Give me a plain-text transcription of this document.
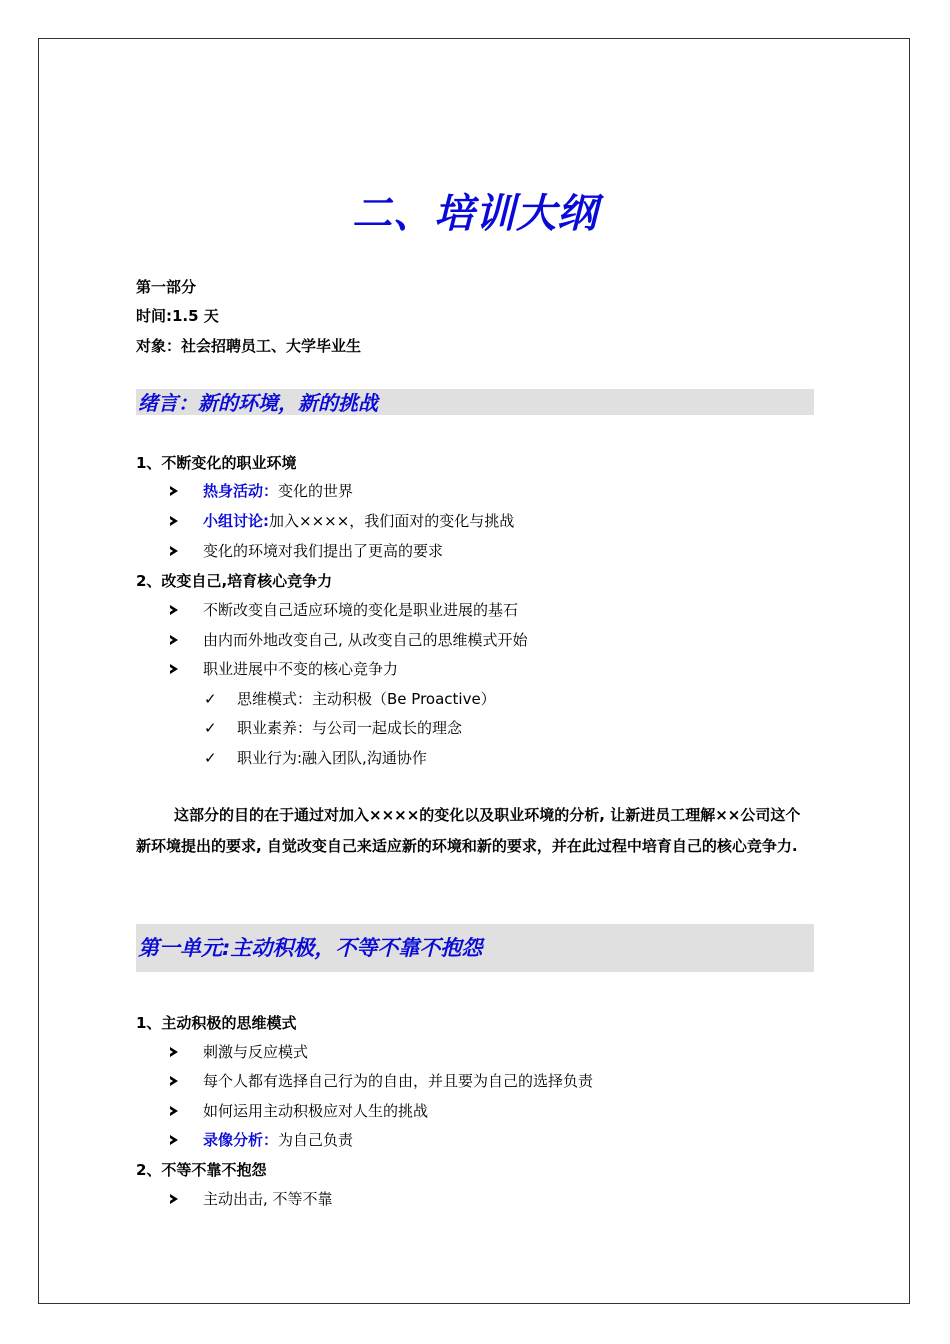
二、培训大纲
第一部分
时间:1.5 天
对象：社会招聘员工、大学毕业生
绪言：新的环境，新的挑战
1、不断变化的职业环境
热身活动： 变化的世界
小组讨论: 加入××××，我们面对的变化与挑战
变化的环境对我们提出了更高的要求
2、改变自己,培育核心竞争力
不断改变自己适应环境的变化是职业进展的基石
由内而外地改变自己, 从改变自己的思维模式开始
职业进展中不变的核心竞争力
✓ 思维模式：主动积极（Be Proactive）
✓ 职业素养：与公司一起成长的理念
✓ 职业行为:融入团队,沟通协作
这部分的目的在于通过对加入××××的变化以及职业环境的分析, 让新进员工理解××公司这个新环境提出的要求, 自觉改变自己来适应新的环境和新的要求，并在此过程中培育自己的核心竞争力.
第一单元:主动积极，不等不靠不抱怨
1、主动积极的思维模式
刺激与反应模式
每个人都有选择自己行为的自由，并且要为自己的选择负责
如何运用主动积极应对人生的挑战
录像分析： 为自己负责
2、不等不靠不抱怨
主动出击, 不等不靠
